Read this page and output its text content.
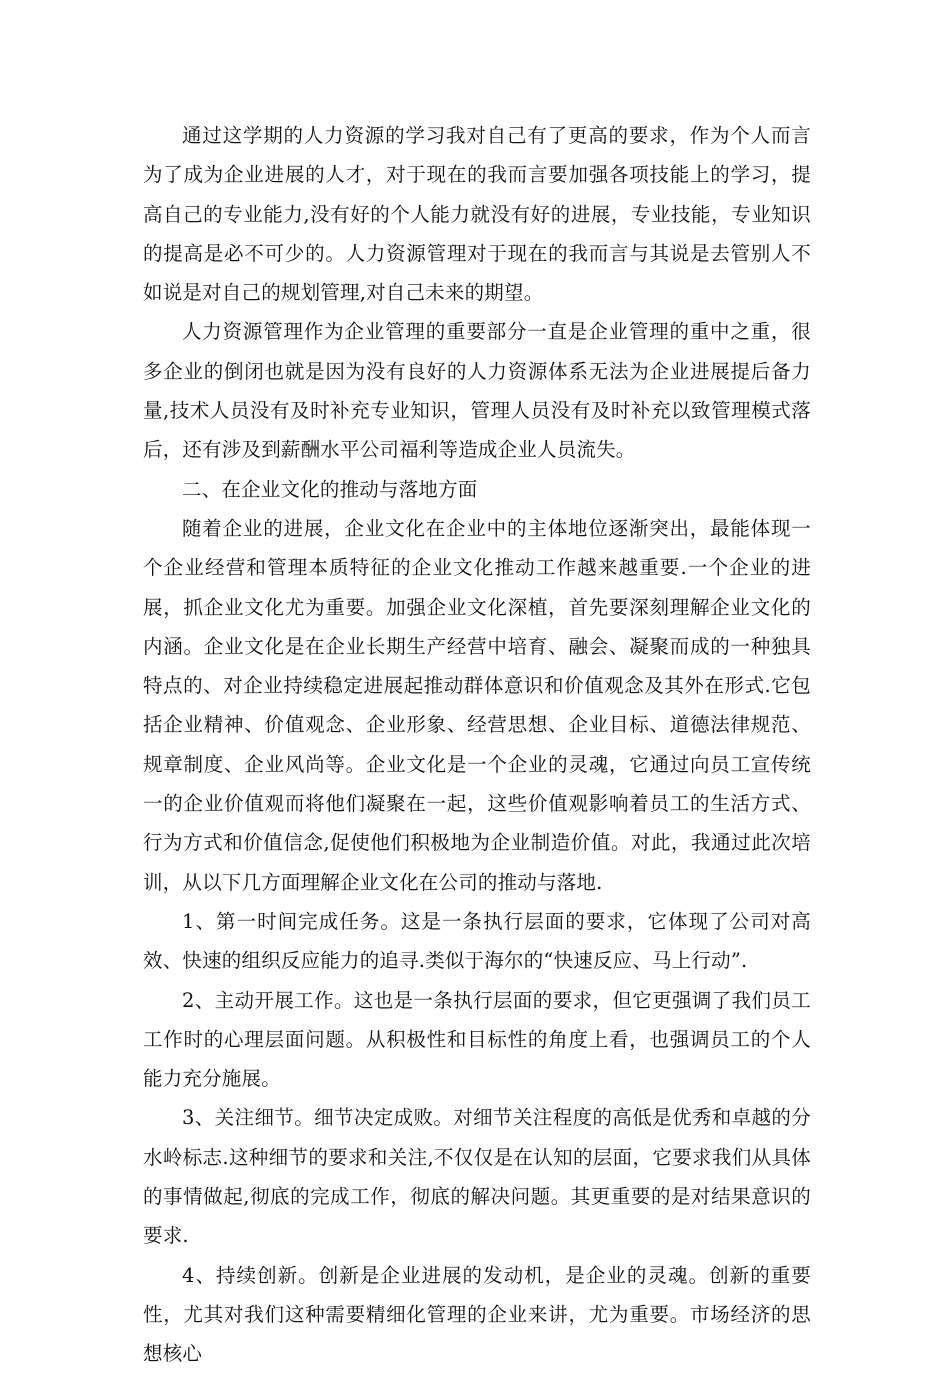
通过这学期的人力资源的学习我对自己有了更高的要求，作为个人而言为了成为企业进展的人才，对于现在的我而言要加强各项技能上的学习，提高自己的专业能力,没有好的个人能力就没有好的进展，专业技能，专业知识的提高是必不可少的。人力资源管理对于现在的我而言与其说是去管别人不如说是对自己的规划管理,对自己未来的期望。

人力资源管理作为企业管理的重要部分一直是企业管理的重中之重，很多企业的倒闭也就是因为没有良好的人力资源体系无法为企业进展提后备力量,技术人员没有及时补充专业知识，管理人员没有及时补充以致管理模式落后，还有涉及到薪酬水平公司福利等造成企业人员流失。

二、在企业文化的推动与落地方面

随着企业的进展，企业文化在企业中的主体地位逐渐突出，最能体现一个企业经营和管理本质特征的企业文化推动工作越来越重要.一个企业的进展，抓企业文化尤为重要。加强企业文化深植，首先要深刻理解企业文化的内涵。企业文化是在企业长期生产经营中培育、融会、凝聚而成的一种独具特点的、对企业持续稳定进展起推动群体意识和价值观念及其外在形式.它包括企业精神、价值观念、企业形象、经营思想、企业目标、道德法律规范、规章制度、企业风尚等。企业文化是一个企业的灵魂，它通过向员工宣传统一的企业价值观而将他们凝聚在一起，这些价值观影响着员工的生活方式、行为方式和价值信念,促使他们积极地为企业制造价值。对此，我通过此次培训，从以下几方面理解企业文化在公司的推动与落地.

1、第一时间完成任务。这是一条执行层面的要求，它体现了公司对高效、快速的组织反应能力的追寻.类似于海尔的“快速反应、马上行动”.

2、主动开展工作。这也是一条执行层面的要求，但它更强调了我们员工工作时的心理层面问题。从积极性和目标性的角度上看，也强调员工的个人能力充分施展。

3、关注细节。细节决定成败。对细节关注程度的高低是优秀和卓越的分水岭标志.这种细节的要求和关注,不仅仅是在认知的层面，它要求我们从具体的事情做起,彻底的完成工作，彻底的解决问题。其更重要的是对结果意识的要求.

4、持续创新。创新是企业进展的发动机，是企业的灵魂。创新的重要性，尤其对我们这种需要精细化管理的企业来讲，尤为重要。市场经济的思想核心
